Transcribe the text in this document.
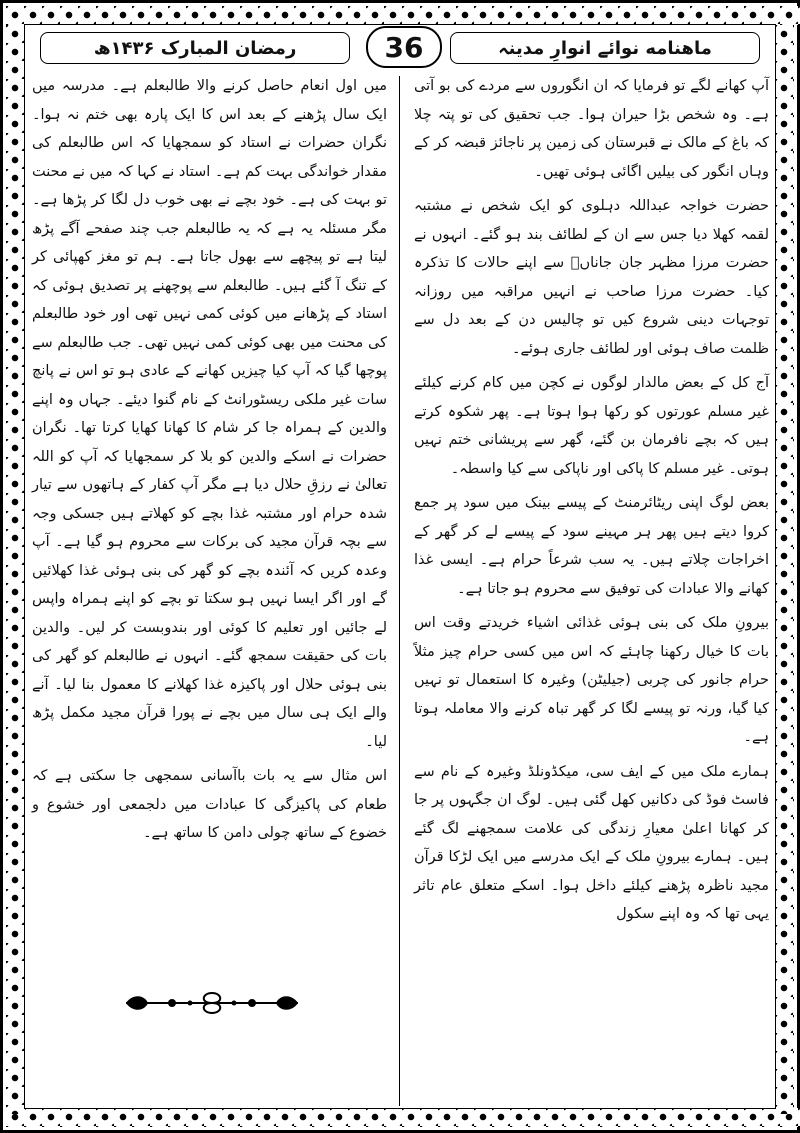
رمضان المبارک ۱۴۳۶ھ	36	ماهنامه نوائے انوارِ مدینہ

آپ کھانے لگے تو فرمایا کہ ان انگوروں سے مردے کی بو آتی ہے۔ وہ شخص بڑا حیران ہوا۔ جب تحقیق کی تو پتہ چلا کہ باغ کے مالک نے قبرستان کی زمین پر ناجائز قبضہ کر کے وہاں انگور کی بیلیں اگائی ہوئی تھیں۔

حضرت خواجہ عبداللہ دہلوی کو ایک شخص نے مشتبہ لقمہ کھلا دیا جس سے ان کے لطائف بند ہو گئے۔ انہوں نے حضرت مرزا مظہر جان جاناںؒ سے اپنے حالات کا تذکرہ کیا۔ حضرت مرزا صاحب نے انہیں مراقبہ میں روزانہ توجہات دینی شروع کیں تو چالیس دن کے بعد دل سے ظلمت صاف ہوئی اور لطائف جاری ہوئے۔

آج کل کے بعض مالدار لوگوں نے کچن میں کام کرنے کیلئے غیر مسلم عورتوں کو رکھا ہوا ہوتا ہے۔ پھر شکوہ کرتے ہیں کہ بچے نافرمان بن گئے، گھر سے پریشانی ختم نہیں ہوتی۔ غیر مسلم کا پاکی اور ناپاکی سے کیا واسطہ۔

بعض لوگ اپنی ریٹائرمنٹ کے پیسے بینک میں سود پر جمع کروا دیتے ہیں پھر ہر مہینے سود کے پیسے لے کر گھر کے اخراجات چلاتے ہیں۔ یہ سب شرعاً حرام ہے۔ ایسی غذا کھانے والا عبادات کی توفیق سے محروم ہو جاتا ہے۔

بیرونِ ملک کی بنی ہوئی غذائی اشیاء خریدتے وقت اس بات کا خیال رکھنا چاہئے کہ اس میں کسی حرام چیز مثلاً حرام جانور کی چربی (جیلیٹن) وغیرہ کا استعمال تو نہیں کیا گیا، ورنہ تو پیسے لگا کر گھر تباہ کرنے والا معاملہ ہوتا ہے۔

ہمارے ملک میں کے ایف سی، میکڈونلڈ وغیرہ کے نام سے فاسٹ فوڈ کی دکانیں کھل گئی ہیں۔ لوگ ان جگہوں پر جا کر کھانا اعلیٰ معیارِ زندگی کی علامت سمجھنے لگ گئے ہیں۔ ہمارے بیرونِ ملک کے ایک مدرسے میں ایک لڑکا قرآن مجید ناظرہ پڑھنے کیلئے داخل ہوا۔ اسکے متعلق عام تاثر یہی تھا کہ وہ اپنے سکول

میں اول انعام حاصل کرنے والا طالبعلم ہے۔ مدرسہ میں ایک سال پڑھنے کے بعد اس کا ایک پارہ بھی ختم نہ ہوا۔ نگران حضرات نے استاد کو سمجھایا کہ اس طالبعلم کی مقدار خواندگی بہت کم ہے۔ استاد نے کہا کہ میں نے محنت تو بہت کی ہے۔ خود بچے نے بھی خوب دل لگا کر پڑھا ہے۔ مگر مسئلہ یہ ہے کہ یہ طالبعلم جب چند صفحے آگے پڑھ لیتا ہے تو پیچھے سے بھول جاتا ہے۔ ہم تو مغز کھپائی کر کے تنگ آ گئے ہیں۔ طالبعلم سے پوچھنے پر تصدیق ہوئی کہ استاد کے پڑھانے میں کوئی کمی نہیں تھی اور خود طالبعلم کی محنت میں بھی کوئی کمی نہیں تھی۔ جب طالبعلم سے پوچھا گیا کہ آپ کیا چیزیں کھانے کے عادی ہو تو اس نے پانچ سات غیر ملکی ریسٹورانٹ کے نام گنوا دیئے۔ جہاں وہ اپنے والدین کے ہمراہ جا کر شام کا کھانا کھایا کرتا تھا۔ نگران حضرات نے اسکے والدین کو بلا کر سمجھایا کہ آپ کو اللہ تعالیٰ نے رزقِ حلال دیا ہے مگر آپ کفار کے ہاتھوں سے تیار شدہ حرام اور مشتبہ غذا بچے کو کھلاتے ہیں جسکی وجہ سے بچہ قرآن مجید کی برکات سے محروم ہو گیا ہے۔ آپ وعدہ کریں کہ آئندہ بچے کو گھر کی بنی ہوئی غذا کھلائیں گے اور اگر ایسا نہیں ہو سکتا تو بچے کو اپنے ہمراہ واپس لے جائیں اور تعلیم کا کوئی اور بندوبست کر لیں۔ والدین بات کی حقیقت سمجھ گئے۔ انہوں نے طالبعلم کو گھر کی بنی ہوئی حلال اور پاکیزہ غذا کھلانے کا معمول بنا لیا۔ آنے والے ایک ہی سال میں بچے نے پورا قرآن مجید مکمل پڑھ لیا۔

اس مثال سے یہ بات باآسانی سمجھی جا سکتی ہے کہ طعام کی پاکیزگی کا عبادات میں دلجمعی اور خشوع و خضوع کے ساتھ چولی دامن کا ساتھ ہے۔
